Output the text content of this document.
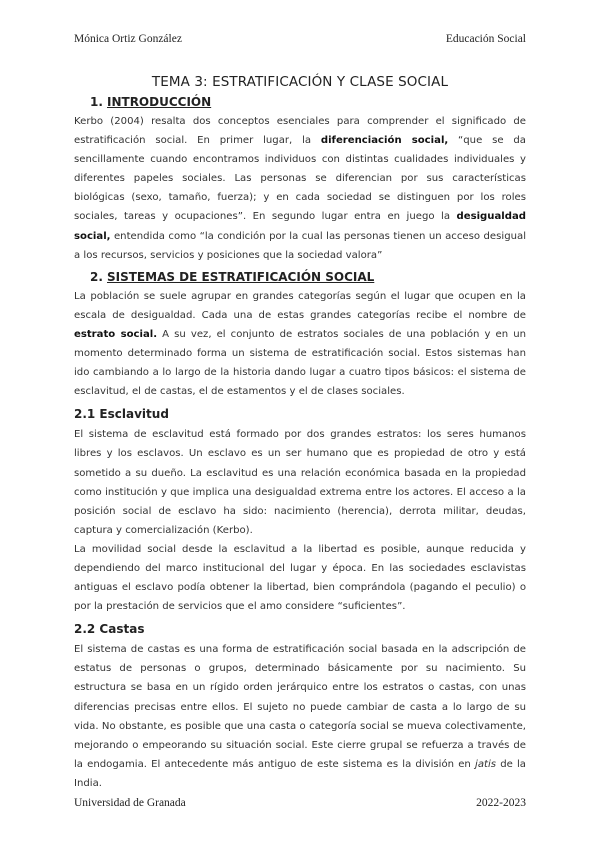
Mónica Ortiz González	Educación Social
TEMA 3: ESTRATIFICACIÓN Y CLASE SOCIAL
1. INTRODUCCIÓN

Kerbo (2004) resalta dos conceptos esenciales para comprender el significado de estratificación social. En primer lugar, la diferenciación social, “que se da sencillamente cuando encontramos individuos con distintas cualidades individuales y diferentes papeles sociales. Las personas se diferencian por sus características biológicas (sexo, tamaño, fuerza); y en cada sociedad se distinguen por los roles sociales, tareas y ocupaciones”. En segundo lugar entra en juego la desigualdad social, entendida como “la condición por la cual las personas tienen un acceso desigual a los recursos, servicios y posiciones que la sociedad valora”

2. SISTEMAS DE ESTRATIFICACIÓN SOCIAL

La población se suele agrupar en grandes categorías según el lugar que ocupen en la escala de desigualdad. Cada una de estas grandes categorías recibe el nombre de estrato social. A su vez, el conjunto de estratos sociales de una población y en un momento determinado forma un sistema de estratificación social. Estos sistemas han ido cambiando a lo largo de la historia dando lugar a cuatro tipos básicos: el sistema de esclavitud, el de castas, el de estamentos y el de clases sociales.

2.1 Esclavitud

El sistema de esclavitud está formado por dos grandes estratos: los seres humanos libres y los esclavos. Un esclavo es un ser humano que es propiedad de otro y está sometido a su dueño. La esclavitud es una relación económica basada en la propiedad como institución y que implica una desigualdad extrema entre los actores. El acceso a la posición social de esclavo ha sido: nacimiento (herencia), derrota militar, deudas, captura y comercialización (Kerbo).

La movilidad social desde la esclavitud a la libertad es posible, aunque reducida y dependiendo del marco institucional del lugar y época. En las sociedades esclavistas antiguas el esclavo podía obtener la libertad, bien comprándola (pagando el peculio) o por la prestación de servicios que el amo considere “suficientes”.

2.2 Castas

El sistema de castas es una forma de estratificación social basada en la adscripción de estatus de personas o grupos, determinado básicamente por su nacimiento. Su estructura se basa en un rígido orden jerárquico entre los estratos o castas, con unas diferencias precisas entre ellos. El sujeto no puede cambiar de casta a lo largo de su vida. No obstante, es posible que una casta o categoría social se mueva colectivamente, mejorando o empeorando su situación social. Este cierre grupal se refuerza a través de la endogamia. El antecedente más antiguo de este sistema es la división en jatis de la India.

Universidad de Granada	2022-2023
